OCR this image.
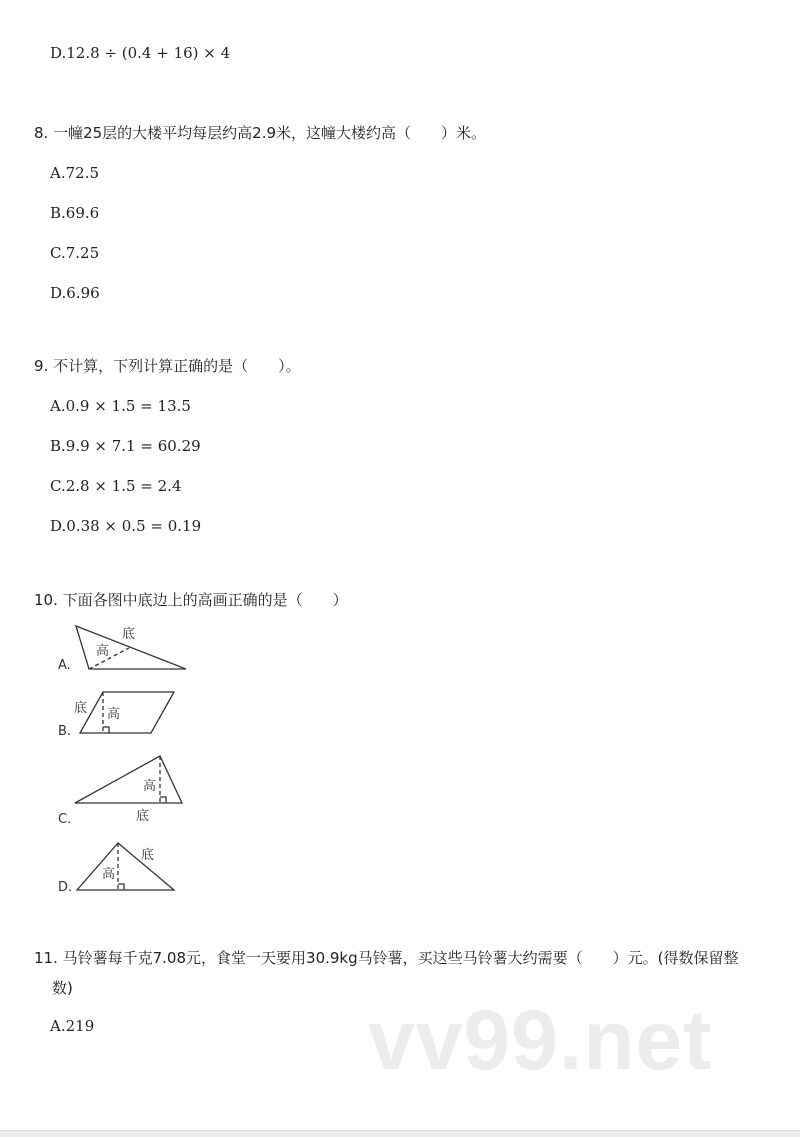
D.12.8 ÷ (0.4 + 16) × 4
8. 一幢25层的大楼平均每层约高2.9米，这幢大楼约高（　　）米。
A.72.5
B.69.6
C.7.25
D.6.96
9. 不计算，下列计算正确的是（　　）。
A.0.9 × 1.5 = 13.5
B.9.9 × 7.1 = 60.29
C.2.8 × 1.5 = 2.4
D.0.38 × 0.5 = 0.19
10. 下面各图中底边上的高画正确的是（　　）
底
高
A.
底 高
B.
高
底
C.
底
高
D.
11. 马铃薯每千克7.08元，食堂一天要用30.9kg马铃薯，买这些马铃薯大约需要（　　）元。(得数保留整
数)
A.219	vv99.net
